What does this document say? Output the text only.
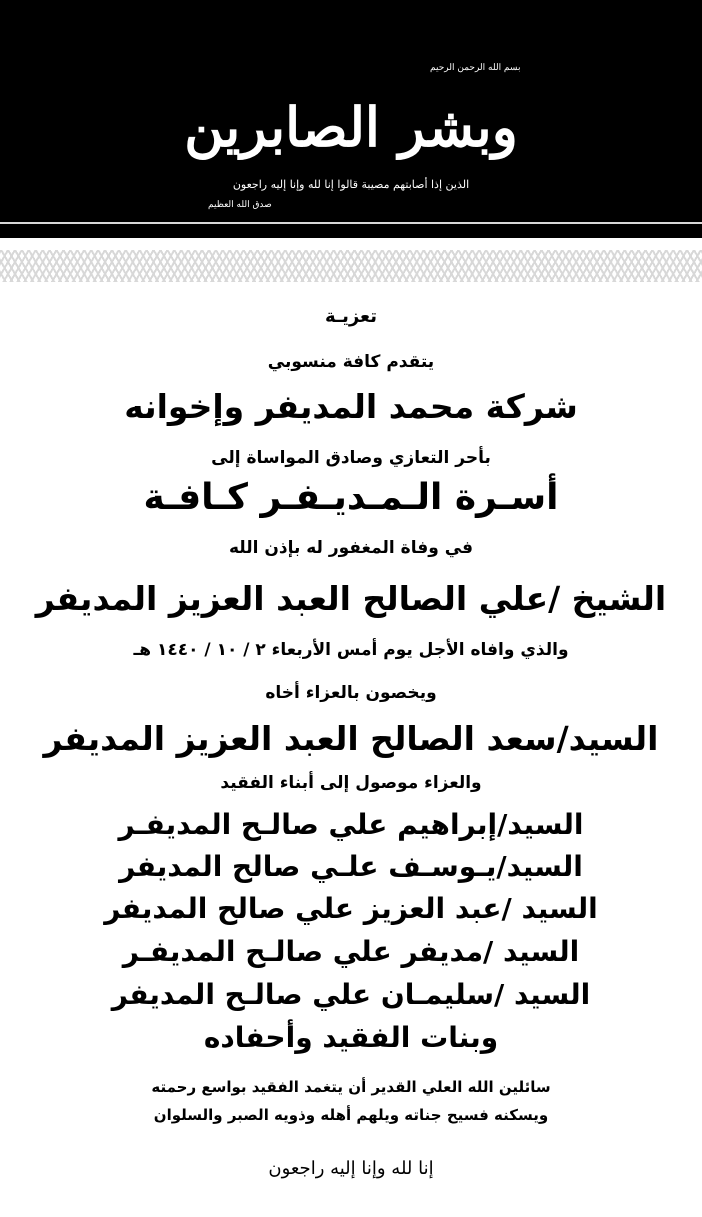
بسم الله الرحمن الرحيم
وبشر الصابرين
الذين إذا أصابتهم مصيبة قالوا إنا لله وإنا إليه راجعون
صدق الله العظيم
تعزيـة
يتقدم كافة منسوبي
شركة محمد المديفر وإخوانه
بأحر التعازي وصادق المواساة إلى
أسـرة الـمـديـفـر كـافـة
في وفاة المغفور له بإذن الله
الشيخ /علي الصالح العبد العزيز المديفر
والذي وافاه الأجل يوم أمس الأربعاء ٢ / ١٠ / ١٤٤٠ هـ
ويخصون بالعزاء أخاه
السيد/سعد الصالح العبد العزيز المديفر
والعزاء موصول إلى أبناء الفقيد
السيد/إبراهيم علي صالـح المديفـر
السيد/يـوسـف علـي صالح المديفر
السيد /عبد العزيز علي صالح المديفر
السيد /مديفر علي صالـح المديفـر
السيد /سليمـان علي صالـح المديفر
وبنات الفقيد وأحفاده
سائلين الله العلي القدير أن يتغمد الفقيد بواسع رحمته
ويسكنه فسيح جناته ويلهم أهله وذويه الصبر والسلوان
إنا لله وإنا إليه راجعون
